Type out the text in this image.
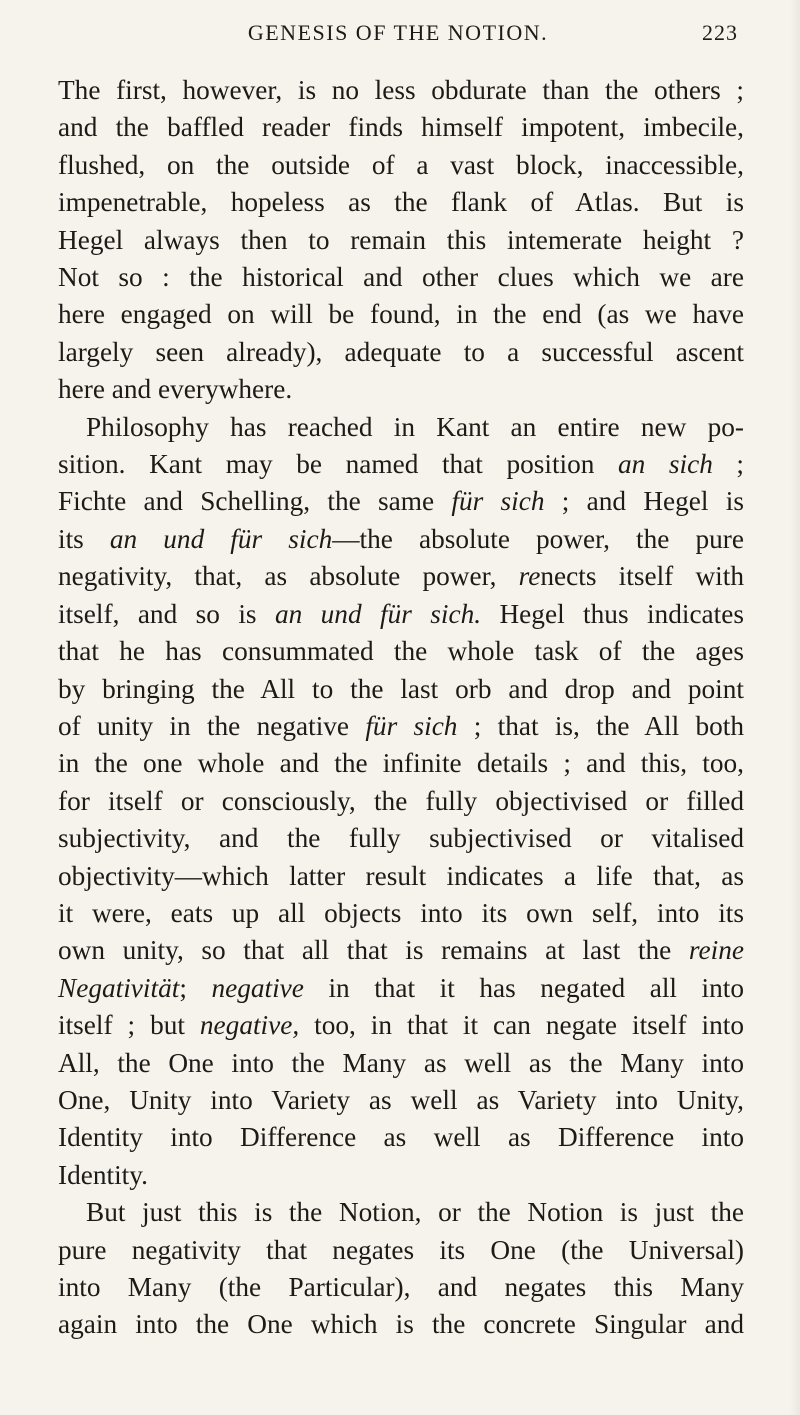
GENESIS OF THE NOTION.	223
The first, however, is no less obdurate than the others ;
and the baffled reader finds himself impotent, imbecile,
flushed, on the outside of a vast block, inaccessible,
impenetrable, hopeless as the flank of Atlas. But is
Hegel always then to remain this intemerate height ?
Not so : the historical and other clues which we are
here engaged on will be found, in the end (as we have
largely seen already), adequate to a successful ascent
here and everywhere.
Philosophy has reached in Kant an entire new po-
sition. Kant may be named that position an sich ;
Fichte and Schelling, the same für sich ; and Hegel is
its an und für sich—the absolute power, the pure
negativity, that, as absolute power, renects itself with
itself, and so is an und für sich. Hegel thus indicates
that he has consummated the whole task of the ages
by bringing the All to the last orb and drop and point
of unity in the negative für sich ; that is, the All both
in the one whole and the infinite details ; and this, too,
for itself or consciously, the fully objectivised or filled
subjectivity, and the fully subjectivised or vitalised
objectivity—which latter result indicates a life that, as
it were, eats up all objects into its own self, into its
own unity, so that all that is remains at last the reine
Negativität; negative in that it has negated all into
itself ; but negative, too, in that it can negate itself into
All, the One into the Many as well as the Many into
One, Unity into Variety as well as Variety into Unity,
Identity into Difference as well as Difference into
Identity.
But just this is the Notion, or the Notion is just the
pure negativity that negates its One (the Universal)
into Many (the Particular), and negates this Many
again into the One which is the concrete Singular and
